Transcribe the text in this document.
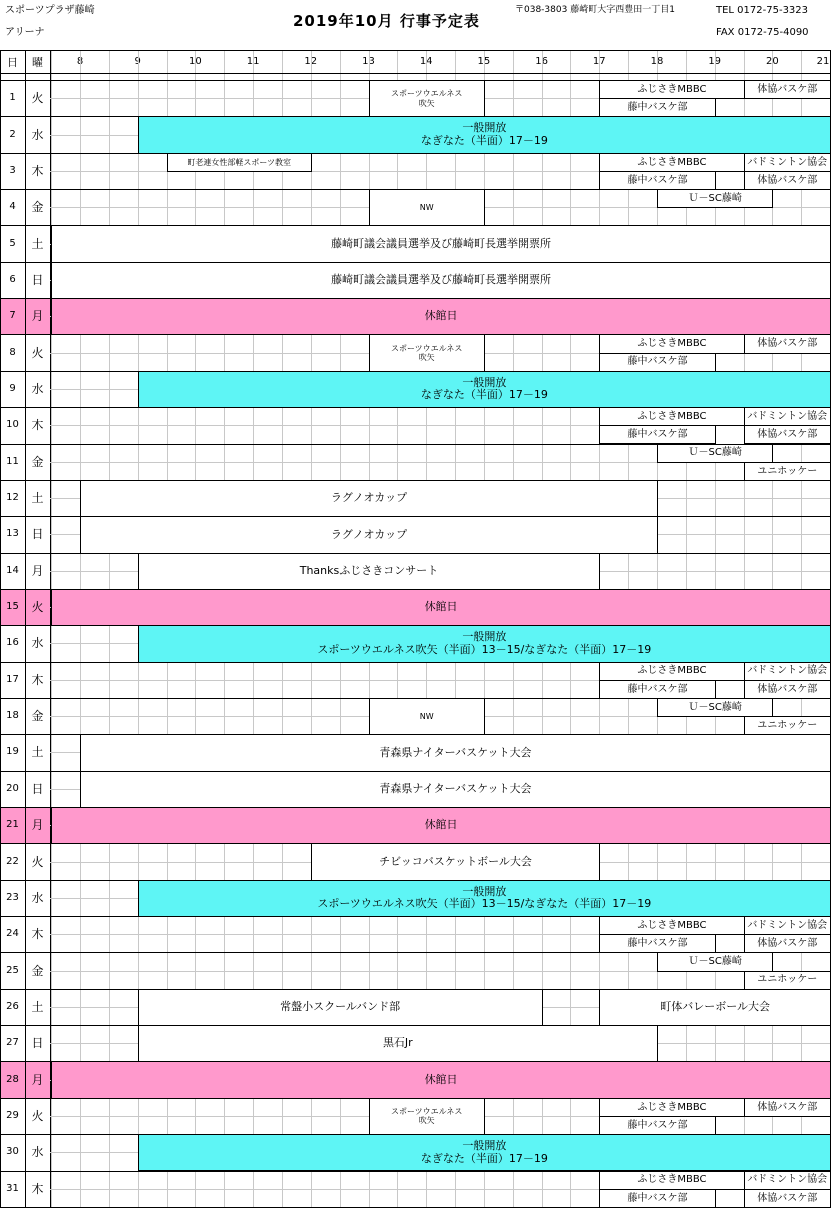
スポーツプラザ藤崎
アリーナ
2019年10月 行事予定表
〒038-3803 藤崎町大字西豊田一丁目1	TEL 0172-75-3323
FAX 0172-75-4090
日	曜	8	9	10	11	12	13	14	15	16	17	18	19	20	21
1	火	スポーツウエルネス
吹矢
ふじさきMBBC	体協バスケ部
藤中バスケ部
2	水	一般開放
なぎなた（半面）17－19
3	木
町老連女性部軽スポーツ教室	ふじさきMBBC	バドミントン協会
藤中バスケ部	体協バスケ部
4	金	NW
Ｕ－SC藤崎
5	土	藤崎町議会議員選挙及び藤崎町長選挙開票所
6	日	藤崎町議会議員選挙及び藤崎町長選挙開票所
7	月	休館日
8	火	スポーツウエルネス
吹矢
ふじさきMBBC	体協バスケ部
藤中バスケ部
9	水	一般開放
なぎなた（半面）17－19
10	木
ふじさきMBBC	バドミントン協会
藤中バスケ部	体協バスケ部
11	金
Ｕ－SC藤崎
ユニホッケー
12	土	ラグノオカップ
13	日	ラグノオカップ
14	月	Thanksふじさきコンサート
15	火	休館日
16	水	一般開放
スポーツウエルネス吹矢（半面）13－15/なぎなた（半面）17－19
17	木
ふじさきMBBC	バドミントン協会
藤中バスケ部	体協バスケ部
18	金	NW
Ｕ－SC藤崎
ユニホッケー
19	土	青森県ナイターバスケット大会
20	日	青森県ナイターバスケット大会
21	月	休館日
22	火	チビッコバスケットボール大会
23	水	一般開放
スポーツウエルネス吹矢（半面）13－15/なぎなた（半面）17－19
24	木
ふじさきMBBC	バドミントン協会
藤中バスケ部	体協バスケ部
25	金
Ｕ－SC藤崎
ユニホッケー
26	土	常盤小スクールバンド部	町体バレーボール大会
27	日	黒石Jr
28	月	休館日
29	火	スポーツウエルネス
吹矢
ふじさきMBBC	体協バスケ部
藤中バスケ部
30	水	一般開放
なぎなた（半面）17－19
31	木
ふじさきMBBC	バドミントン協会
藤中バスケ部	体協バスケ部
